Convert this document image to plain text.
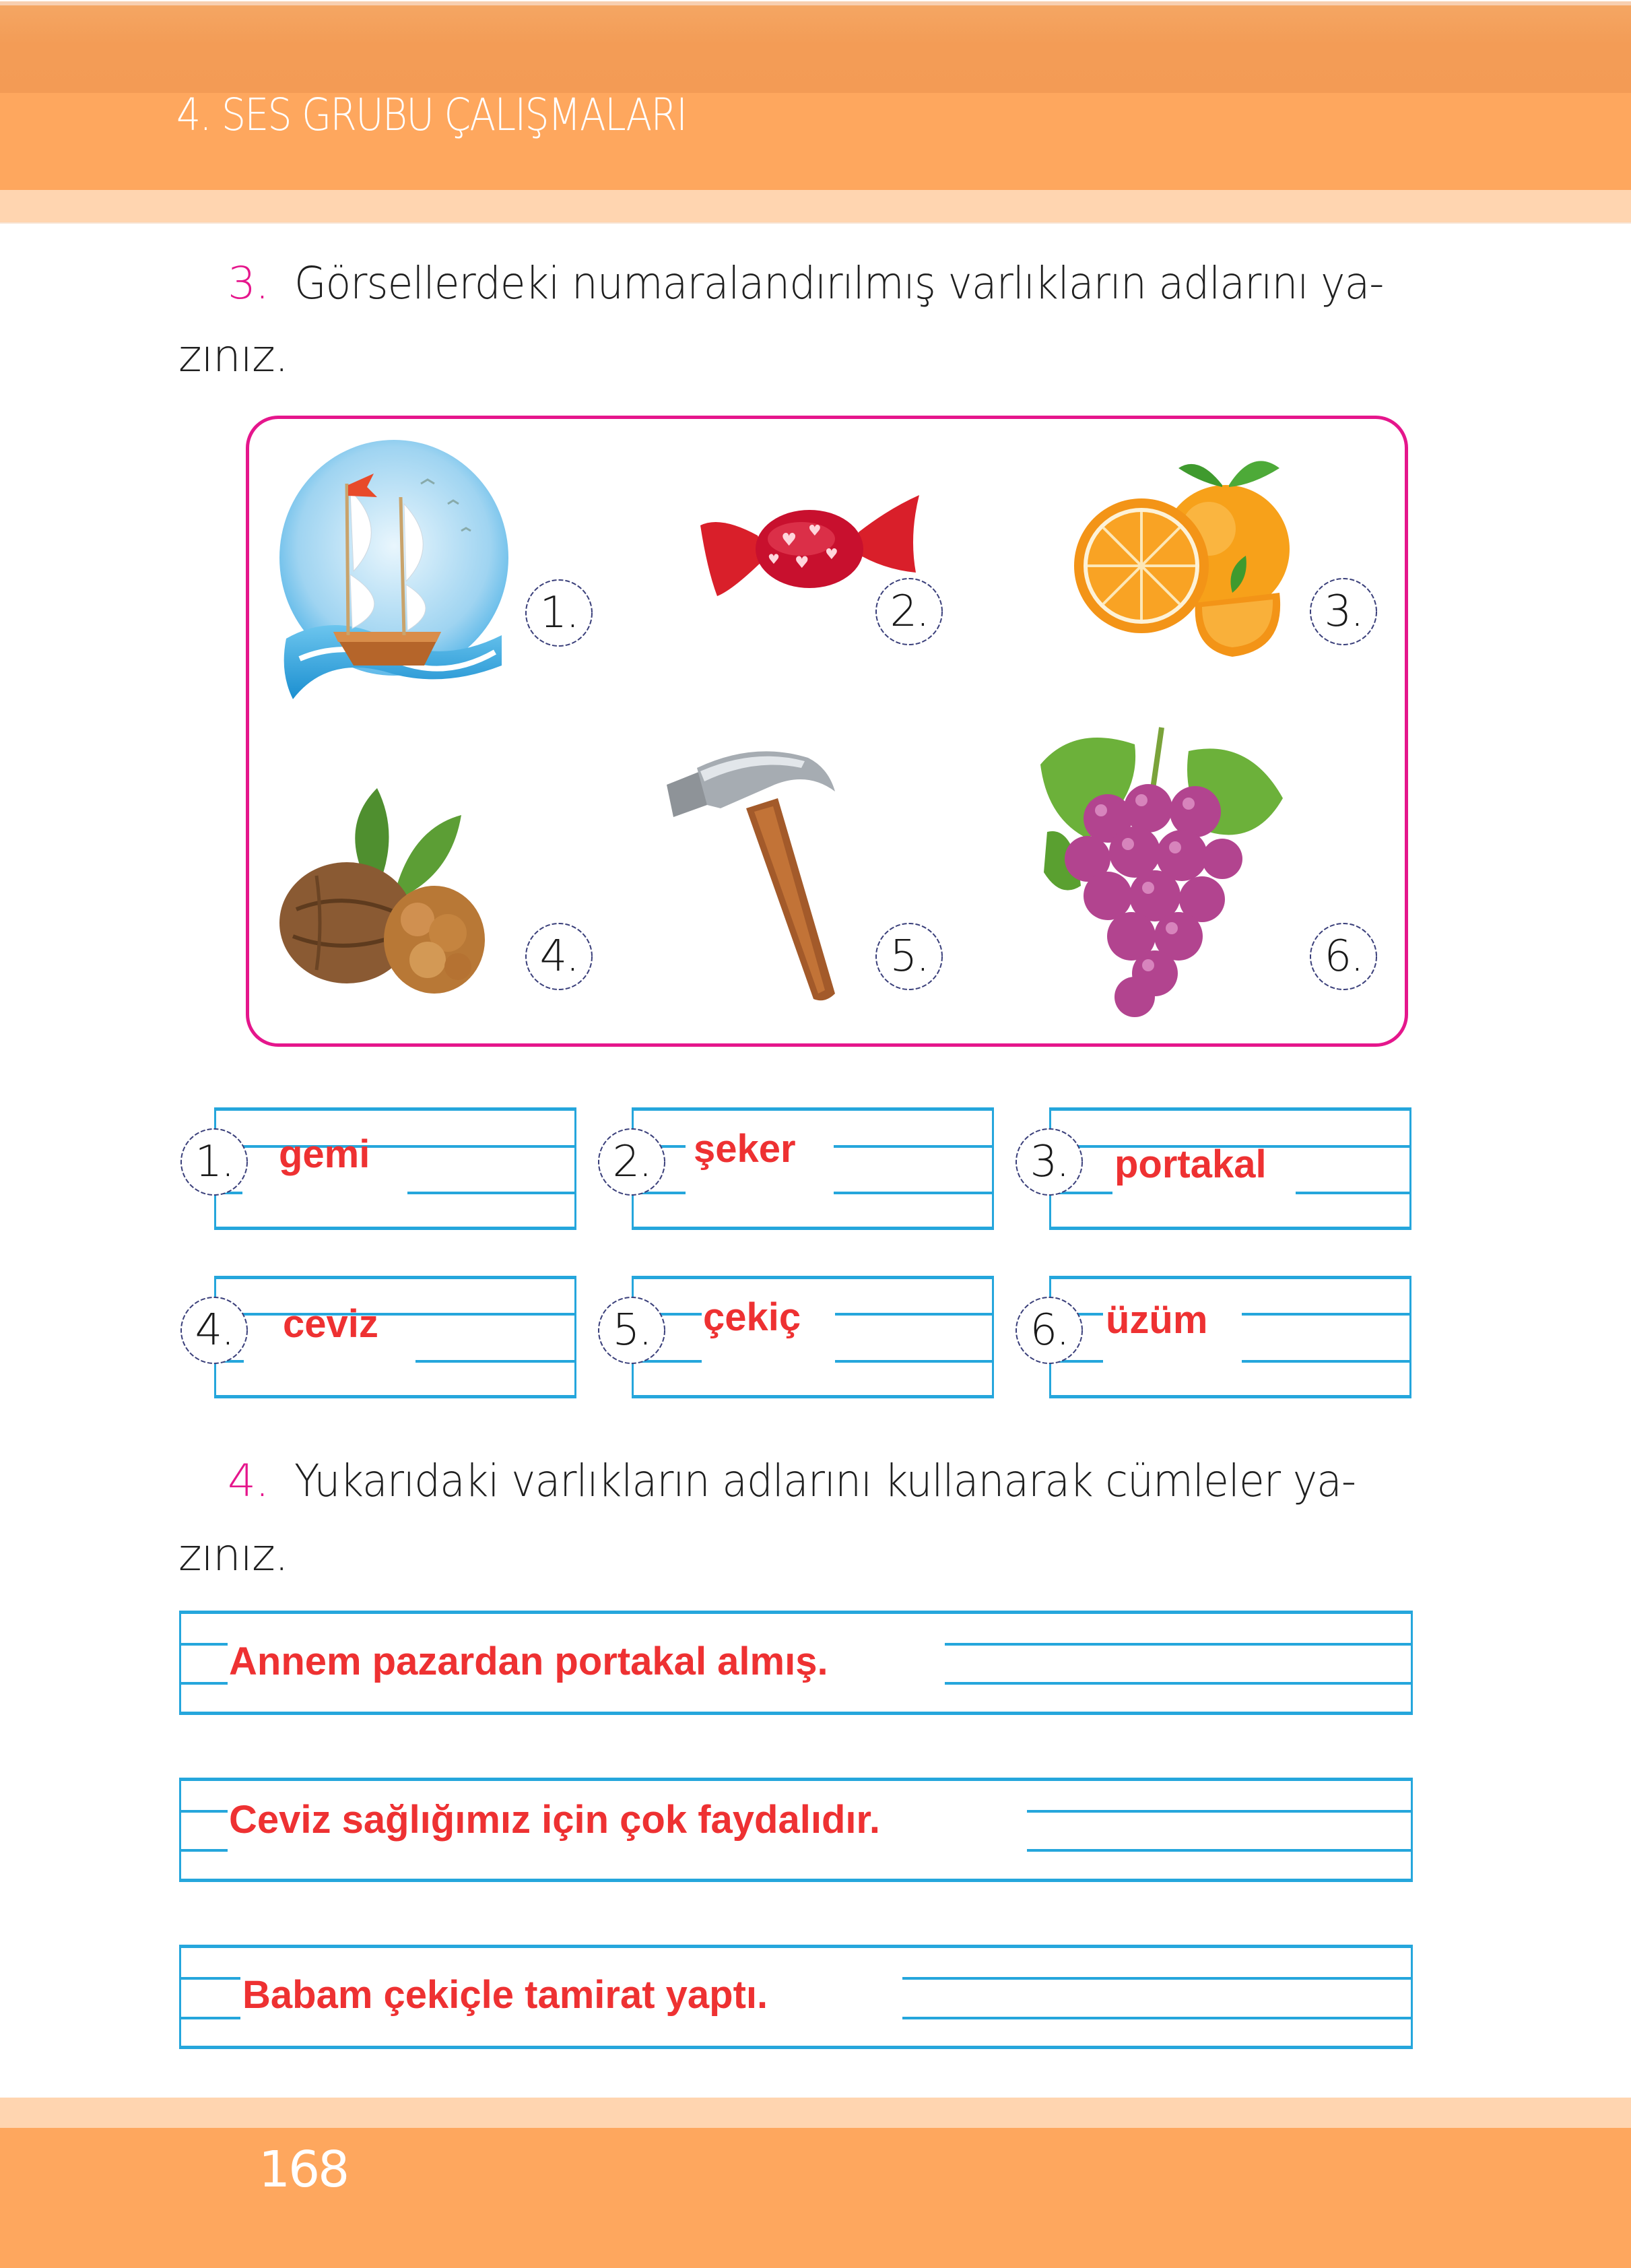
4. SES GRUBU ÇALIŞMALARI
3. Görsellerdeki numaralandırılmış varlıkların adlarını ya-
zınız.
1.
♥ ♥
♥ ♥
♥
2.	3.
4.	5.	6.
gemi
1.	şeker
2.	portakal
3.
ceviz
4.	çekiç
5.	üzüm
6.
4. Yukarıdaki varlıkların adlarını kullanarak cümleler ya-
zınız.
Annem pazardan portakal almış.
Ceviz sağlığımız için çok faydalıdır.
Babam çekiçle tamirat yaptı.
168
